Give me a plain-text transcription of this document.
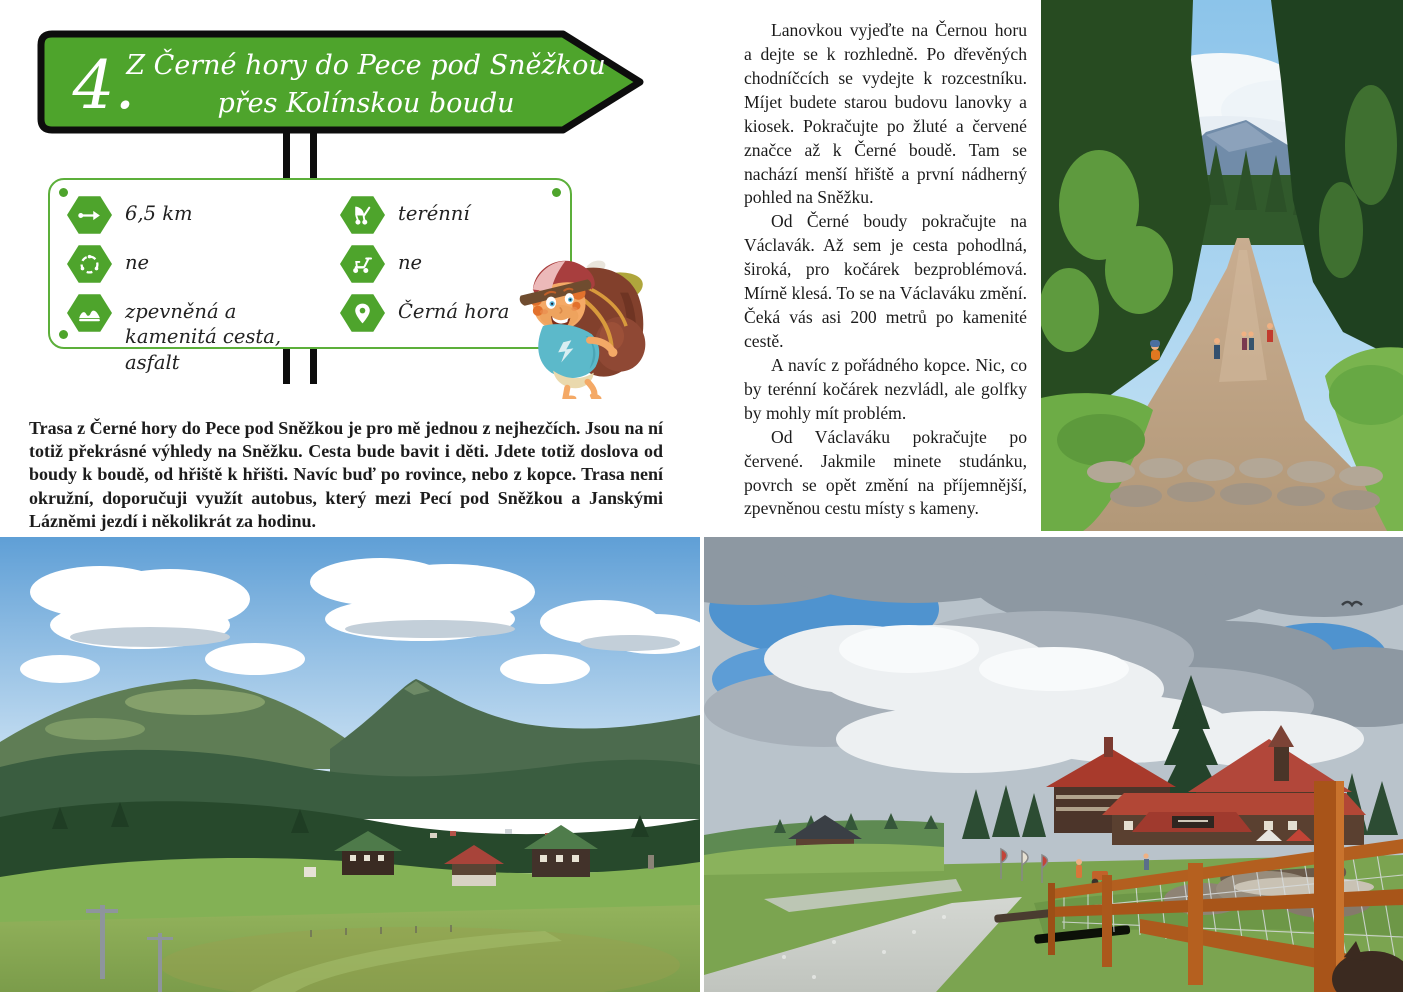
4.
Z Černé hory do Pece pod Sněžkou
přes Kolínskou boudu
6,5 km
ne
zpevněná a kamenitá cesta, asfalt
terénní
ne
Černá hora

Trasa z Černé hory do Pece pod Sněžkou je pro mě jednou z nejhezčích. Jsou na ní totiž překrásné výhledy na Sněžku. Cesta bude bavit i děti. Jdete totiž doslova od boudy k boudě, od hřiště k hřišti. Navíc buď po rovince, nebo z kopce. Trasa není okružní, doporučuji využít autobus, který mezi Pecí pod Sněžkou a Janskými Lázněmi jezdí i několikrát za hodinu.

Lanovkou vyjeďte na Černou horu a dejte se k rozhledně. Po dřevěných chodníčcích se vydejte k rozcestníku. Míjet budete starou budovu lanovky a kiosek. Pokračujte po žluté a červené značce až k Černé boudě. Tam se nachází menší hřiště a první nádherný pohled na Sněžku.

Od Černé boudy pokračujte na Václavák. Až sem je cesta pohodlná, široká, pro kočárek bezproblémová. Mírně klesá. To se na Václaváku změní. Čeká vás asi 200 metrů po kamenité cestě.

A navíc z pořádného kopce. Nic, co by terénní kočárek nezvládl, ale golfky by mohly mít problém.

Od Václaváku pokračujte po červené. Jakmile minete studánku, povrch se opět změní na příjemnější, zpevněnou cestu místy s kameny.
